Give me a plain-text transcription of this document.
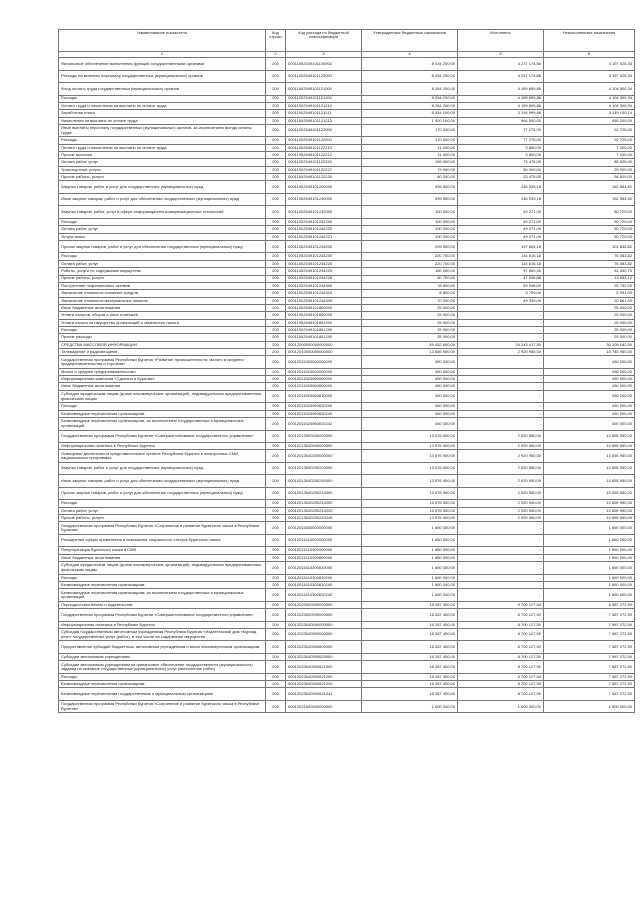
Наименование показателя	Код строки	Код расхода по бюджетной классификации	Утвержденные бюджетные назначения	Исполнено	Неисполненные назначения
1	2	3	4	5	6
Финансовое обеспечение выполнения функций государственными органами	200	00011002549101100000	8 434 200,00	4 237 174,86	4 197 025,34
Расходы на выплаты персоналу государственных (муниципальных) органов	200	00011002549101120000	8 434 200,00	4 237 174,86	4 197 025,34
Фонд оплаты труда государственных (муниципальных) органов	200	00011002549101121000	8 264 200,00	4 159 899,86	4 104 300,34
Расходы	200	00011002549101121200	8 264 200,00	4 159 899,86	4 104 300,34
Оплата труда и начисления на выплаты по оплате труда	200	00011002549101121210	8 264 200,00	4 159 899,86	4 104 300,34
Заработная плата	200	00011002549101121211	6 344 100,00	3 194 999,86	3 149 100,14
Начисления на выплаты по оплате труда	200	00011002549101121213	1 920 100,00	964 900,00	955 200,00
Иные выплаты персоналу государственных (муниципальных) органов, за исключением фонда оплаты труда	200	00011002549101122000	170 000,00	77 275,00	92 725,00
Расходы	200	00011002549101122200	170 000,00	77 275,00	92 725,00
Оплата труда и начисления на выплаты по оплате труда	200	00011002549101122210	11 000,00	3 800,00	7 200,00
Прочие выплаты	200	00011002549101122212	11 000,00	3 800,00	7 200,00
Оплата работ, услуг	200	00011002549101122220	159 000,00	73 475,00	85 525,00
Транспортные услуги	200	00011002549101122222	79 000,00	50 000,00	29 000,00
Прочие работы, услуги	200	00011002549101122226	80 000,00	23 475,00	56 525,00
Закупка товаров, работ и услуг для государственных (муниципальных) нужд	200	00011002549101200000	399 500,00	246 935,18	152 564,82
Иные закупки товаров, работ и услуг для обеспечения государственных (муниципальных) нужд	200	00011002549101240000	399 500,00	246 935,18	152 564,82
Закупка товаров, работ, услуг в сфере информационно-коммуникационных технологий	200	00011002549101242000	100 000,00	49 271,00	50 729,00
Расходы	200	00011002549101242200	100 000,00	49 271,00	50 729,00
Оплата работ, услуг	200	00011002549101242220	100 000,00	49 271,00	50 729,00
Услуги связи	200	00011002549101242221	100 000,00	49 271,00	50 729,00
Прочая закупка товаров, работ и услуг для обеспечения государственных (муниципальных) нужд	200	00011002549101244000	299 500,00	197 664,18	101 835,82
Расходы	200	00011002549101244200	220 700,00	144 616,18	76 083,82
Оплата работ, услуг	200	00011002549101244220	220 700,00	144 616,18	76 083,82
Работы, услуги по содержанию имущества	200	00011002549101244225	160 000,00	97 569,30	62 430,70
Прочие работы, услуги	200	00011002549101244226	60 700,00	47 046,88	13 653,12
Поступление нефинансовых активов	200	00011002549101244300	78 800,00	53 048,00	25 752,00
Увеличение стоимости основных средств	200	00011002549101244310	8 800,00	3 709,00	5 091,00
Увеличение стоимости материальных запасов	200	00011002549101244340	70 000,00	49 339,00	20 661,00
Иные бюджетные ассигнования	200	00011002549101800000	25 000,00	-	25 000,00
Уплата налогов, сборов и иных платежей	200	00011002549101850000	25 000,00	-	25 000,00
Уплата налога на имущество организаций и земельного налога	200	00011002549101851000	25 000,00	-	25 000,00
Расходы	200	00011002549101851200	25 000,00	-	25 000,00
Прочие расходы	200	00011002549101851290	25 000,00	-	25 000,00
СРЕДСТВА МАССОВОЙ ИНФОРМАЦИИ	200	00012000000000000000	59 452 600,00	29 243 417,50	30 209 182,50
Телевидение и радиовещание	200	00012010000000000000	13 666 900,00	2 920 950,00	10 745 950,00
Государственная программа Республики Бурятия «Развитие промышленности, малого и среднего предпринимательства и торговли»	200	00012011500000000000	450 000,00	-	450 000,00
Малое и среднее предпринимательство	200	00012011520000000000	450 000,00	-	450 000,00
Информационная кампания «Сделано в Бурятии»	200	00012011520060000000	450 000,00	-	450 000,00
Иные бюджетные ассигнования	200	00012011520060800000	450 000,00	-	450 000,00
Субсидии юридическим лицам (кроме некоммерческих организаций), индивидуальным предпринимателям, физическим лицам	200	00012011520060810000	450 000,00	-	450 000,00
Расходы	200	00012011520060810200	450 000,00	-	450 000,00
Безвозмездные перечисления организациям	200	00012011520060810240	450 000,00	-	450 000,00
Безвозмездные перечисления организациям, за исключением государственных и муниципальных организаций	200	00012011520060810242	450 000,00	-	450 000,00
Государственная программа Республики Бурятия «Совершенствование государственного управления»	200	00012013000000000000	13 576 900,00	2 920 950,00	10 655 950,00
Информационная политика в Республике Бурятия	200	00012013040000000000	13 576 900,00	2 920 950,00	10 655 950,00
Освещение деятельности представительных органов Республики Бурятия в электронных СМИ, национальных программах	200	00012013040200000000	13 576 900,00	2 920 950,00	10 655 950,00
Закупка товаров, работ и услуг для государственных (муниципальных) нужд	200	00012013040200200000	13 576 900,00	2 920 950,00	10 655 950,00
Иные закупки товаров, работ и услуг для обеспечения государственных (муниципальных) нужд	200	00012013040200240000	13 576 900,00	2 920 950,00	10 655 950,00
Прочая закупка товаров, работ и услуг для обеспечения государственных (муниципальных) нужд	200	00012013040200244000	13 576 900,00	2 920 950,00	10 655 950,00
Расходы	200	00012013040200244200	13 576 900,00	2 920 950,00	10 655 950,00
Оплата работ, услуг	200	00012013040200244220	13 576 900,00	2 920 950,00	10 655 950,00
Прочие работы, услуги	200	00012013040200244226	13 576 900,00	2 920 950,00	10 655 950,00
Государственная программа Республики Бурятия «Сохранение и развитие бурятского языка в Республике Бурятия»	200	00012011600000000000	1 660 000,00	-	1 660 000,00
Расширение сферы применения и повышение социального статуса бурятского языка	200	00012011610000000000	1 660 000,00	-	1 660 000,00
Популяризация бурятского языка в СМИ	200	00012011610300000000	1 660 000,00	-	1 660 000,00
Иные бюджетные ассигнования	200	00012011610300800000	1 660 000,00	-	1 660 000,00
Субсидии юридическим лицам (кроме некоммерческих организаций), индивидуальным предпринимателям, физическим лицам	200	00012011610300810000	1 660 000,00	-	1 660 000,00
Расходы	200	00012011610300810200	1 660 000,00	-	1 660 000,00
Безвозмездные перечисления организациям	200	00012011610300810240	1 660 000,00	-	1 660 000,00
Безвозмездные перечисления организациям, за исключением государственных и муниципальных организаций	200	00012011610300810242	1 660 000,00	-	1 660 000,00
Периодическая печать и издательства	200	00012020000000000000	18 287 400,00	9 700 127,50	8 587 272,50
Государственная программа Республики Бурятия «Совершенствование государственного управления»	200	00012023000000000000	16 287 400,00	8 700 127,50	7 587 272,50
Информационная политика в Республике Бурятия	200	00012023040000000000	16 287 400,00	8 700 127,50	7 587 272,50
Субсидия государственным автономным учреждениям Республики Бурятия «Издательский дом «Буряад унэн» государственных услуг (работ), в том числе на содержание имущества	200	00012023040500000000	16 287 400,00	8 700 127,50	7 587 272,50
Предоставление субсидий бюджетным, автономным учреждениям и иным некоммерческим организациям	200	00012023040500600000	16 287 400,00	8 700 127,50	7 587 272,50
Субсидии автономным учреждениям	200	00012023040500620000	16 287 400,00	8 700 127,50	7 587 272,50
Субсидии автономным учреждениям на финансовое обеспечение государственного (муниципального) задания на оказание государственных (муниципальных) услуг (выполнение работ)	200	00012023040500621000	16 287 400,00	8 700 127,50	7 587 272,50
Расходы	200	00012023040500621200	16 287 400,00	8 700 127,50	7 587 272,50
Безвозмездные перечисления организациям	200	00012023040500621240	16 287 400,00	8 700 127,50	7 587 272,50
Безвозмездные перечисления государственным и муниципальным организациям	200	00012023040500621241	16 287 400,00	8 700 127,50	7 587 272,50
Государственная программа Республики Бурятия «Сохранение и развитие бурятского языка в Республике Бурятия»	200	00012021600000000000	2 000 000,00	1 000 000,00	1 000 000,00
